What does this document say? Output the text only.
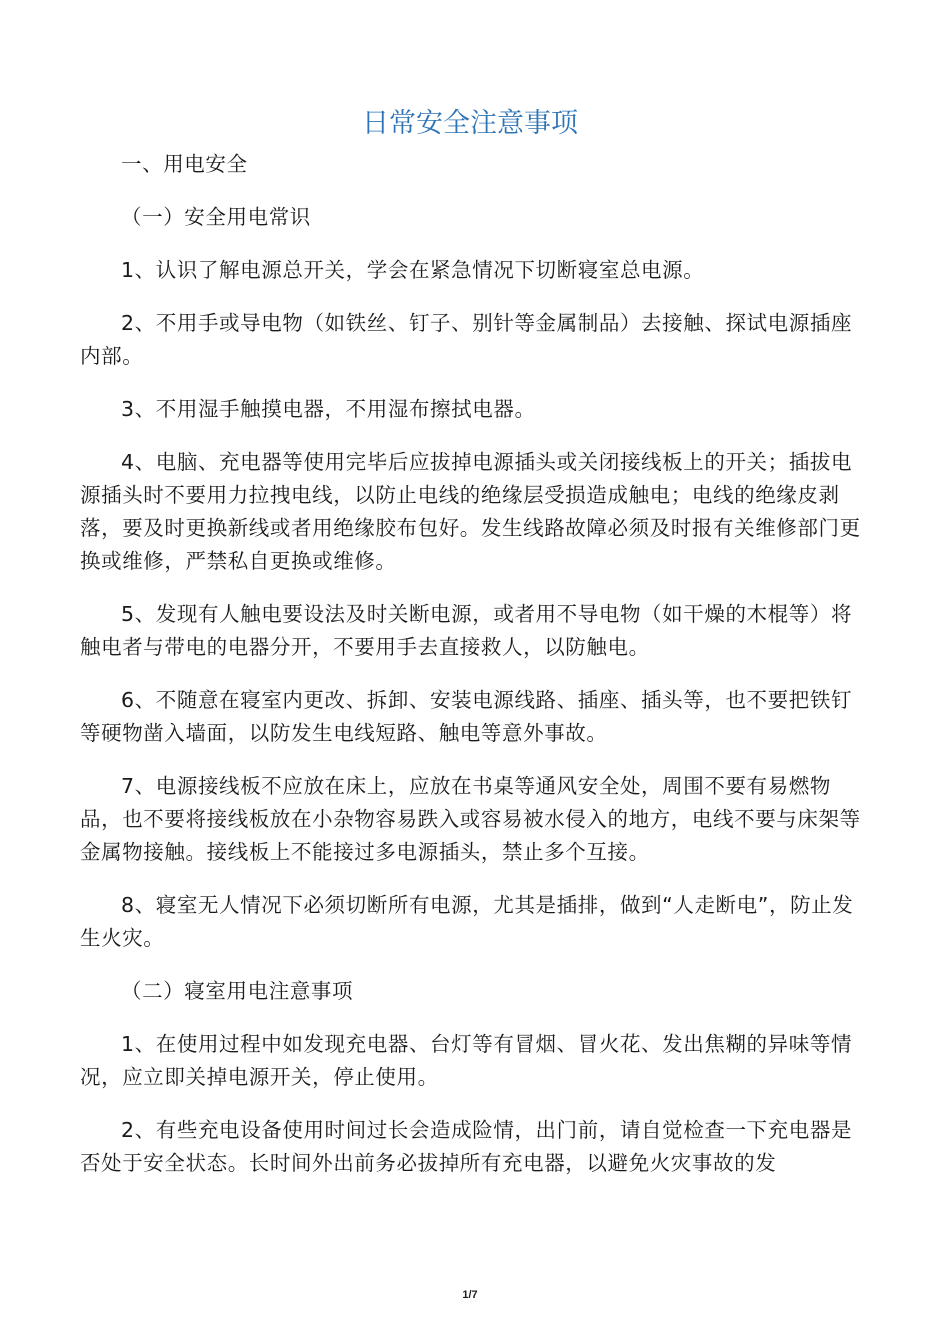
日常安全注意事项

一、用电安全

（一）安全用电常识

1、认识了解电源总开关，学会在紧急情况下切断寝室总电源。

2、不用手或导电物（如铁丝、钉子、别针等金属制品）去接触、探试电源插座内部。

3、不用湿手触摸电器，不用湿布擦拭电器。

4、电脑、充电器等使用完毕后应拔掉电源插头或关闭接线板上的开关；插拔电源插头时不要用力拉拽电线，以防止电线的绝缘层受损造成触电；电线的绝缘皮剥落，要及时更换新线或者用绝缘胶布包好。发生线路故障必须及时报有关维修部门更换或维修，严禁私自更换或维修。

5、发现有人触电要设法及时关断电源，或者用不导电物（如干燥的木棍等）将触电者与带电的电器分开，不要用手去直接救人，以防触电。

6、不随意在寝室内更改、拆卸、安装电源线路、插座、插头等，也不要把铁钉等硬物凿入墙面，以防发生电线短路、触电等意外事故。

7、电源接线板不应放在床上，应放在书桌等通风安全处，周围不要有易燃物品，也不要将接线板放在小杂物容易跌入或容易被水侵入的地方，电线不要与床架等金属物接触。接线板上不能接过多电源插头，禁止多个互接。

8、寝室无人情况下必须切断所有电源，尤其是插排，做到“人走断电”，防止发生火灾。

（二）寝室用电注意事项

1、在使用过程中如发现充电器、台灯等有冒烟、冒火花、发出焦糊的异味等情况，应立即关掉电源开关，停止使用。

2、有些充电设备使用时间过长会造成险情，出门前，请自觉检查一下充电器是否处于安全状态。长时间外出前务必拔掉所有充电器，以避免火灾事故的发

1/7
